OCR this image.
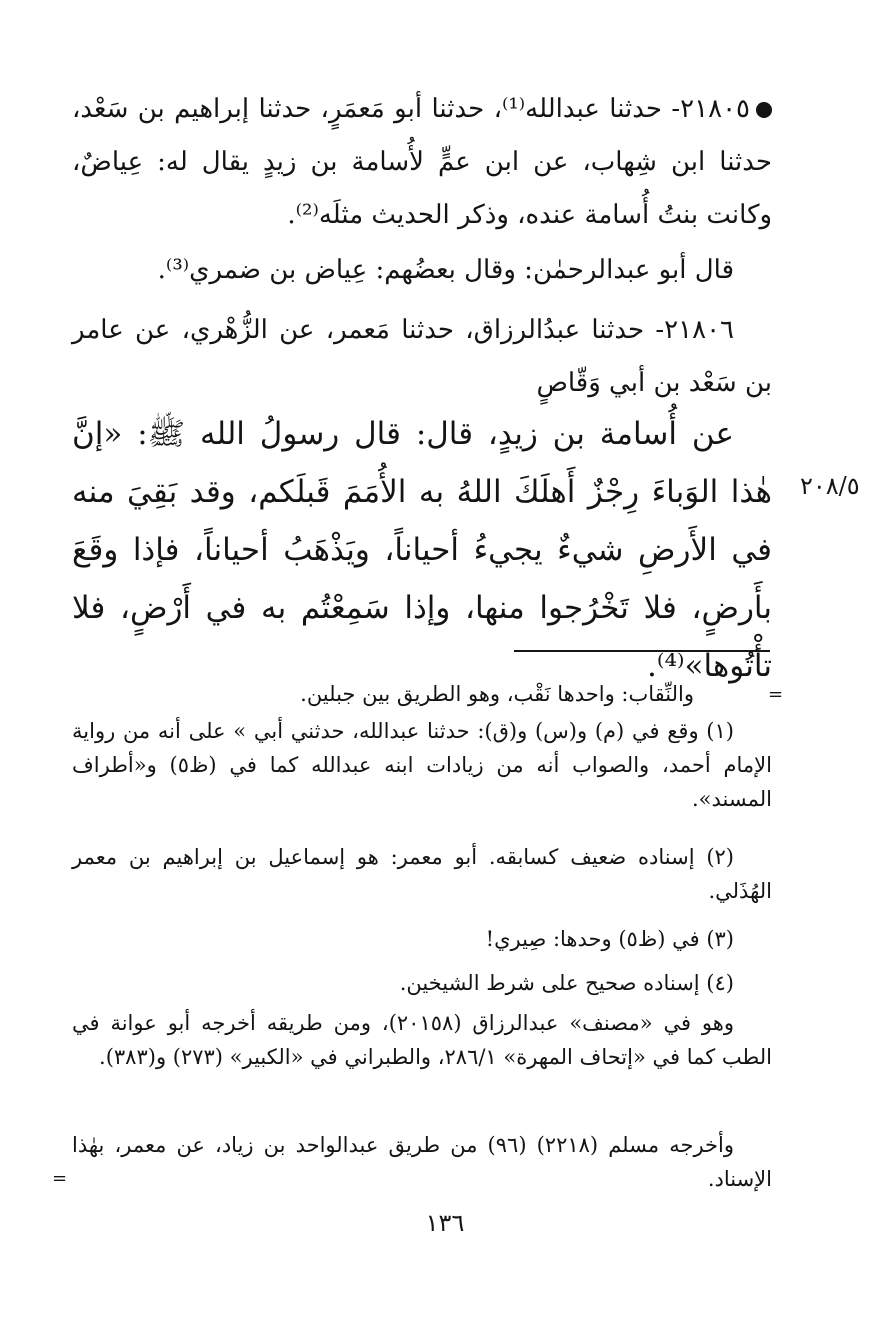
٢١٨٠٥- حدثنا عبدالله⁽¹⁾، حدثنا أبو مَعمَرٍ، حدثنا إبراهيم بن سَعْد، حدثنا ابن شِهاب، عن ابن عمٍّ لأُسامة بن زيدٍ يقال له: عِياضٌ، وكانت بنتُ أُسامة عنده، وذكر الحديث مثلَه⁽²⁾.
قال أبو عبدالرحمٰن: وقال بعضُهم: عِياض بن ضمري⁽³⁾.
٢١٨٠٦- حدثنا عبدُالرزاق، حدثنا مَعمر، عن الزُّهْري، عن عامر بن سَعْد بن أبي وَقّاصٍ
عن أُسامة بن زيدٍ، قال: قال رسولُ الله ﷺ: «إنَّ هٰذا الوَباءَ رِجْزٌ أَهلَكَ اللهُ به الأُمَمَ قَبلَكم، وقد بَقِيَ منه في الأَرضِ شيءٌ يجيءُ أحياناً، ويَذْهَبُ أحياناً، فإذا وقَعَ بأَرضٍ، فلا تَخْرُجوا منها، وإذا سَمِعْتُم به في أَرْضٍ، فلا تأْتُوها»⁽⁴⁾.
٢٠٨/٥
=
والنِّقاب: واحدها نَقْب، وهو الطريق بين جبلين.
(١) وقع في (م) و(س) و(ق): حدثنا عبدالله، حدثني أبي » على أنه من رواية الإمام أحمد، والصواب أنه من زيادات ابنه عبدالله كما في (ظ٥) و«أطراف المسند».
(٢) إسناده ضعيف كسابقه. أبو معمر: هو إسماعيل بن إبراهيم بن معمر الهُذَلي.
(٣) في (ظ٥) وحدها: صِيري!
(٤) إسناده صحيح على شرط الشيخين.
وهو في «مصنف» عبدالرزاق (٢٠١٥٨)، ومن طريقه أخرجه أبو عوانة في الطب كما في «إتحاف المهرة» ٢٨٦/١، والطبراني في «الكبير» (٢٧٣) و(٣٨٣).
وأخرجه مسلم (٢٢١٨) (٩٦) من طريق عبدالواحد بن زياد، عن معمر، بهٰذا الإسناد.
=
١٣٦
